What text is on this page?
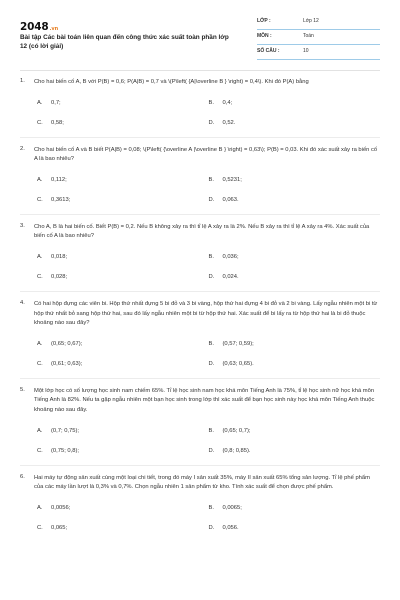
2048.vn
Bài tập Các bài toán liên quan đến công thức xác suất toàn phần lớp 12 (có lời giải)
LỚP :	Lớp 12
MÔN :	Toán
SỐ CÂU :	10
1. Cho hai biến cố A, B với P(B) = 0,6; P(A|B) = 0,7 và \(P\left( {A|\overline B } \right) = 0,4\). Khi đó P(A) bằng
A. 0,7;	B. 0,4;
C. 0,58;	D. 0,52.
2. Cho hai biến cố A và B biết P(A|B) = 0,08; \(P\left( {\overline A |\overline B } \right) = 0,63\); P(B) = 0,03. Khi đó xác suất xảy ra biến cố A là bao nhiêu?
A. 0,112;	B. 0,5231;
C. 0,3613;	D. 0,063.
3. Cho A, B là hai biến cố. Biết P(B) = 0,2. Nếu B không xảy ra thì tỉ lệ A xảy ra là 2%. Nếu B xảy ra thì tỉ lệ A xảy ra 4%. Xác suất của biến cố A là bao nhiêu?
A. 0,018;	B. 0,036;
C. 0,028;	D. 0,024.
4. Có hai hộp đựng các viên bi. Hộp thứ nhất đựng 5 bi đỏ và 3 bi vàng, hộp thứ hai đựng 4 bi đỏ và 2 bi vàng. Lấy ngẫu nhiên một bi từ hộp thứ nhất bỏ sang hộp thứ hai, sau đó lấy ngẫu nhiên một bi từ hộp thứ hai. Xác suất để bi lấy ra từ hộp thứ hai là bi đỏ thuộc khoảng nào sau đây?
A. (0,65; 0,67);	B. (0,57; 0,59);
C. (0,61; 0,63);	D. (0,63; 0,65).
5. Một lớp học có số lượng học sinh nam chiếm 65%. Tỉ lệ học sinh nam học khá môn Tiếng Anh là 75%, tỉ lệ học sinh nữ học khá môn Tiếng Anh là 82%. Nếu ta gặp ngẫu nhiên một bạn học sinh trong lớp thì xác suất để bạn học sinh này học khá môn Tiếng Anh thuộc khoảng nào sau đây.
A. (0,7; 0,75);	B. (0,65; 0,7);
C. (0,75; 0,8);	D. (0,8; 0,85).
6. Hai máy tự động sản xuất cùng một loại chi tiết, trong đó máy I sản xuất 35%, máy II sản xuất 65% tổng sản lượng. Tỉ lệ phế phẩm của các máy lần lượt là 0,3% và 0,7%. Chọn ngẫu nhiên 1 sản phẩm từ kho. Tính xác suất để chọn được phế phẩm.
A. 0,0056;	B. 0,0065;
C. 0,065;	D. 0,056.
